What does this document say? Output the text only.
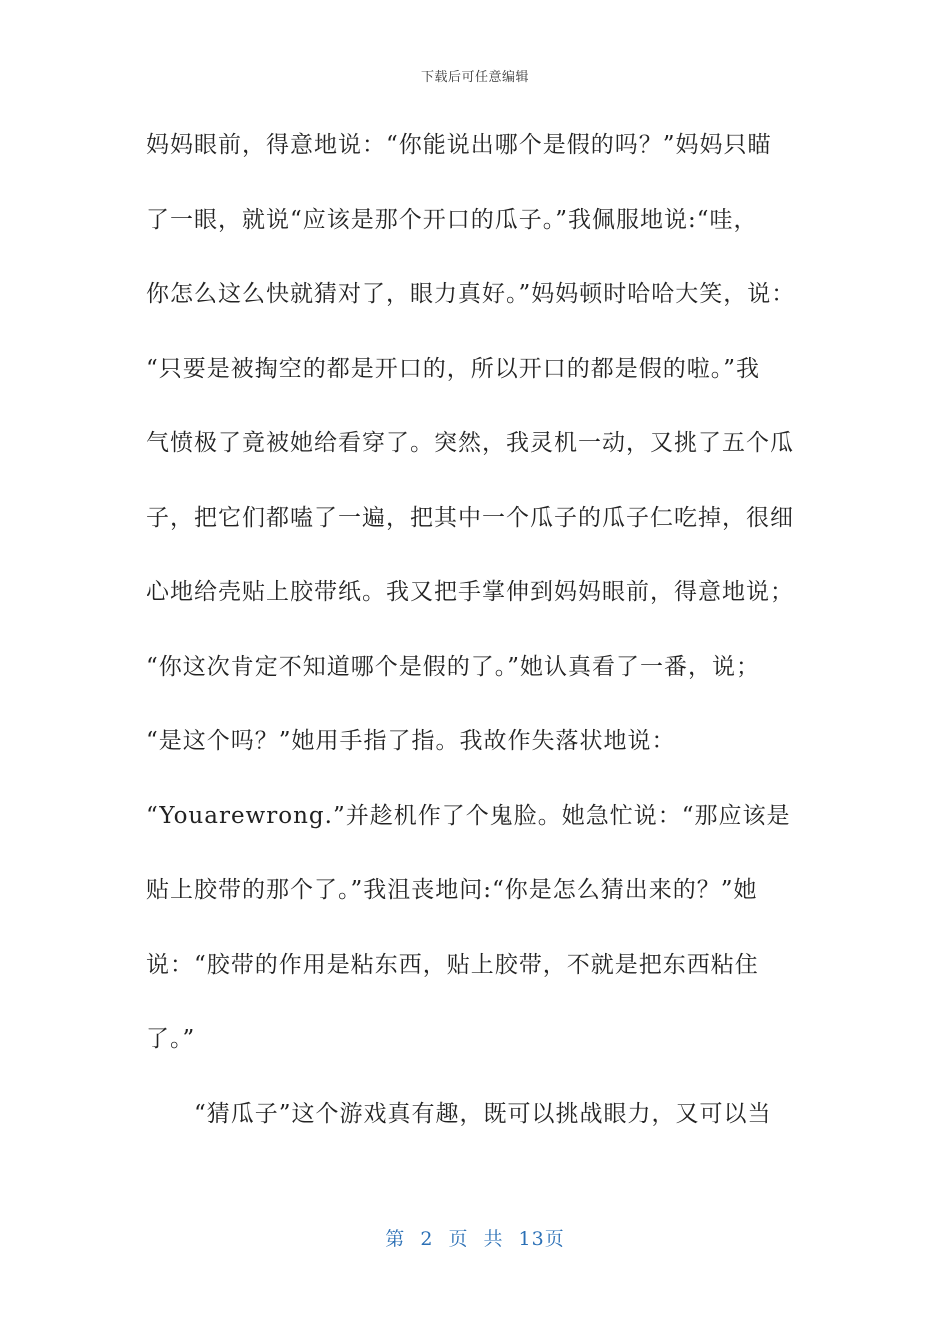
下载后可任意编辑
妈妈眼前，得意地说：“你能说出哪个是假的吗？”妈妈只瞄
了一眼，就说“应该是那个开口的瓜子。”我佩服地说:“哇，
你怎么这么快就猜对了，眼力真好。”妈妈顿时哈哈大笑，说：
“只要是被掏空的都是开口的，所以开口的都是假的啦。”我
气愤极了竟被她给看穿了。突然，我灵机一动，又挑了五个瓜
子，把它们都嗑了一遍，把其中一个瓜子的瓜子仁吃掉，很细
心地给壳贴上胶带纸。我又把手掌伸到妈妈眼前，得意地说；
“你这次肯定不知道哪个是假的了。”她认真看了一番，说；
“是这个吗？”她用手指了指。我故作失落状地说：
“Youarewrong.”并趁机作了个鬼脸。她急忙说：“那应该是
贴上胶带的那个了。”我沮丧地问:“你是怎么猜出来的？”她
说：“胶带的作用是粘东西，贴上胶带，不就是把东西粘住
了。”
“猜瓜子”这个游戏真有趣，既可以挑战眼力，又可以当
第 2 页 共 13页
